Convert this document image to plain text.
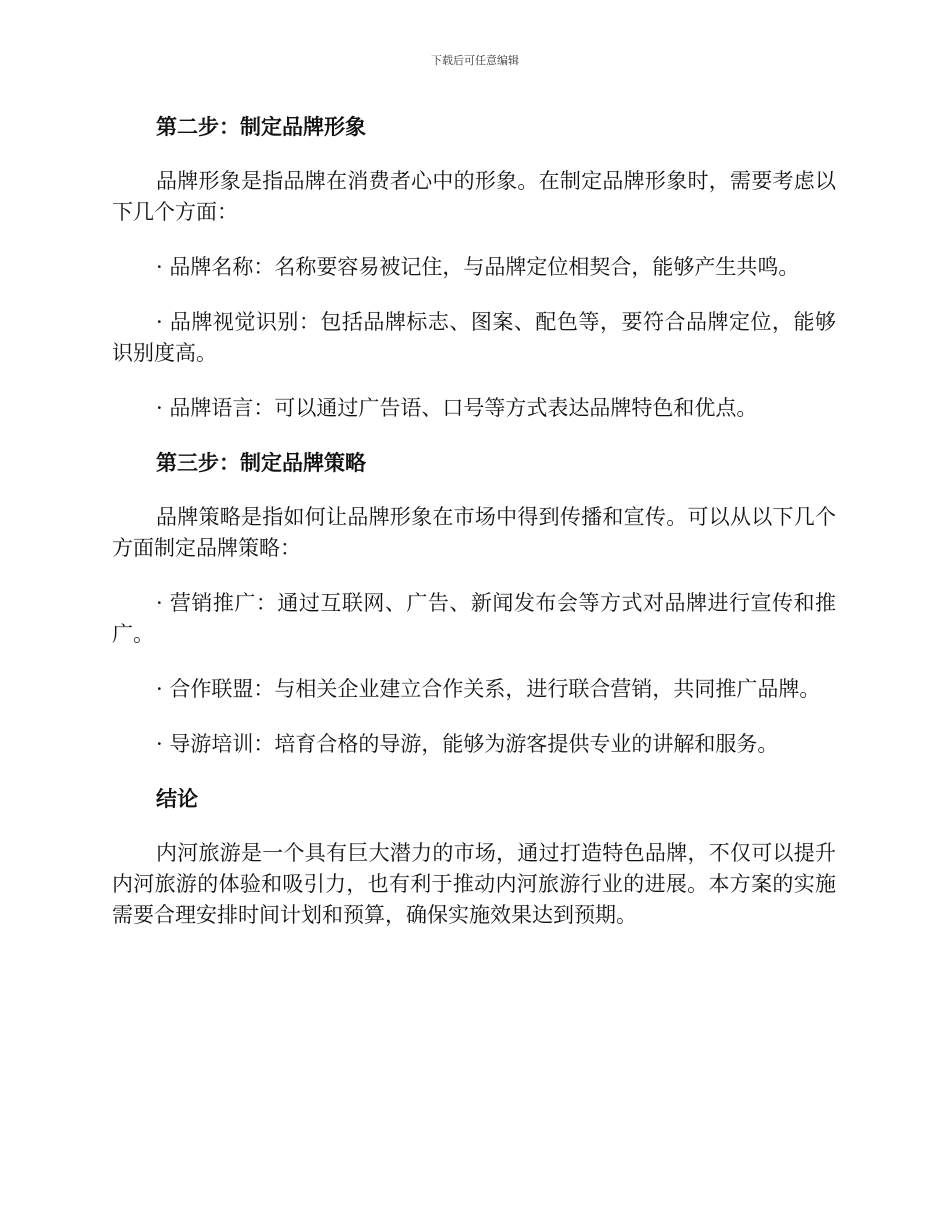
下载后可任意编辑
第二步：制定品牌形象

品牌形象是指品牌在消费者心中的形象。在制定品牌形象时，需要考虑以下几个方面：

· 品牌名称：名称要容易被记住，与品牌定位相契合，能够产生共鸣。

· 品牌视觉识别：包括品牌标志、图案、配色等，要符合品牌定位，能够识别度高。

· 品牌语言：可以通过广告语、口号等方式表达品牌特色和优点。

第三步：制定品牌策略

品牌策略是指如何让品牌形象在市场中得到传播和宣传。可以从以下几个方面制定品牌策略：

· 营销推广：通过互联网、广告、新闻发布会等方式对品牌进行宣传和推广。

· 合作联盟：与相关企业建立合作关系，进行联合营销，共同推广品牌。

· 导游培训：培育合格的导游，能够为游客提供专业的讲解和服务。

结论

内河旅游是一个具有巨大潜力的市场，通过打造特色品牌，不仅可以提升内河旅游的体验和吸引力，也有利于推动内河旅游行业的进展。本方案的实施需要合理安排时间计划和预算，确保实施效果达到预期。
